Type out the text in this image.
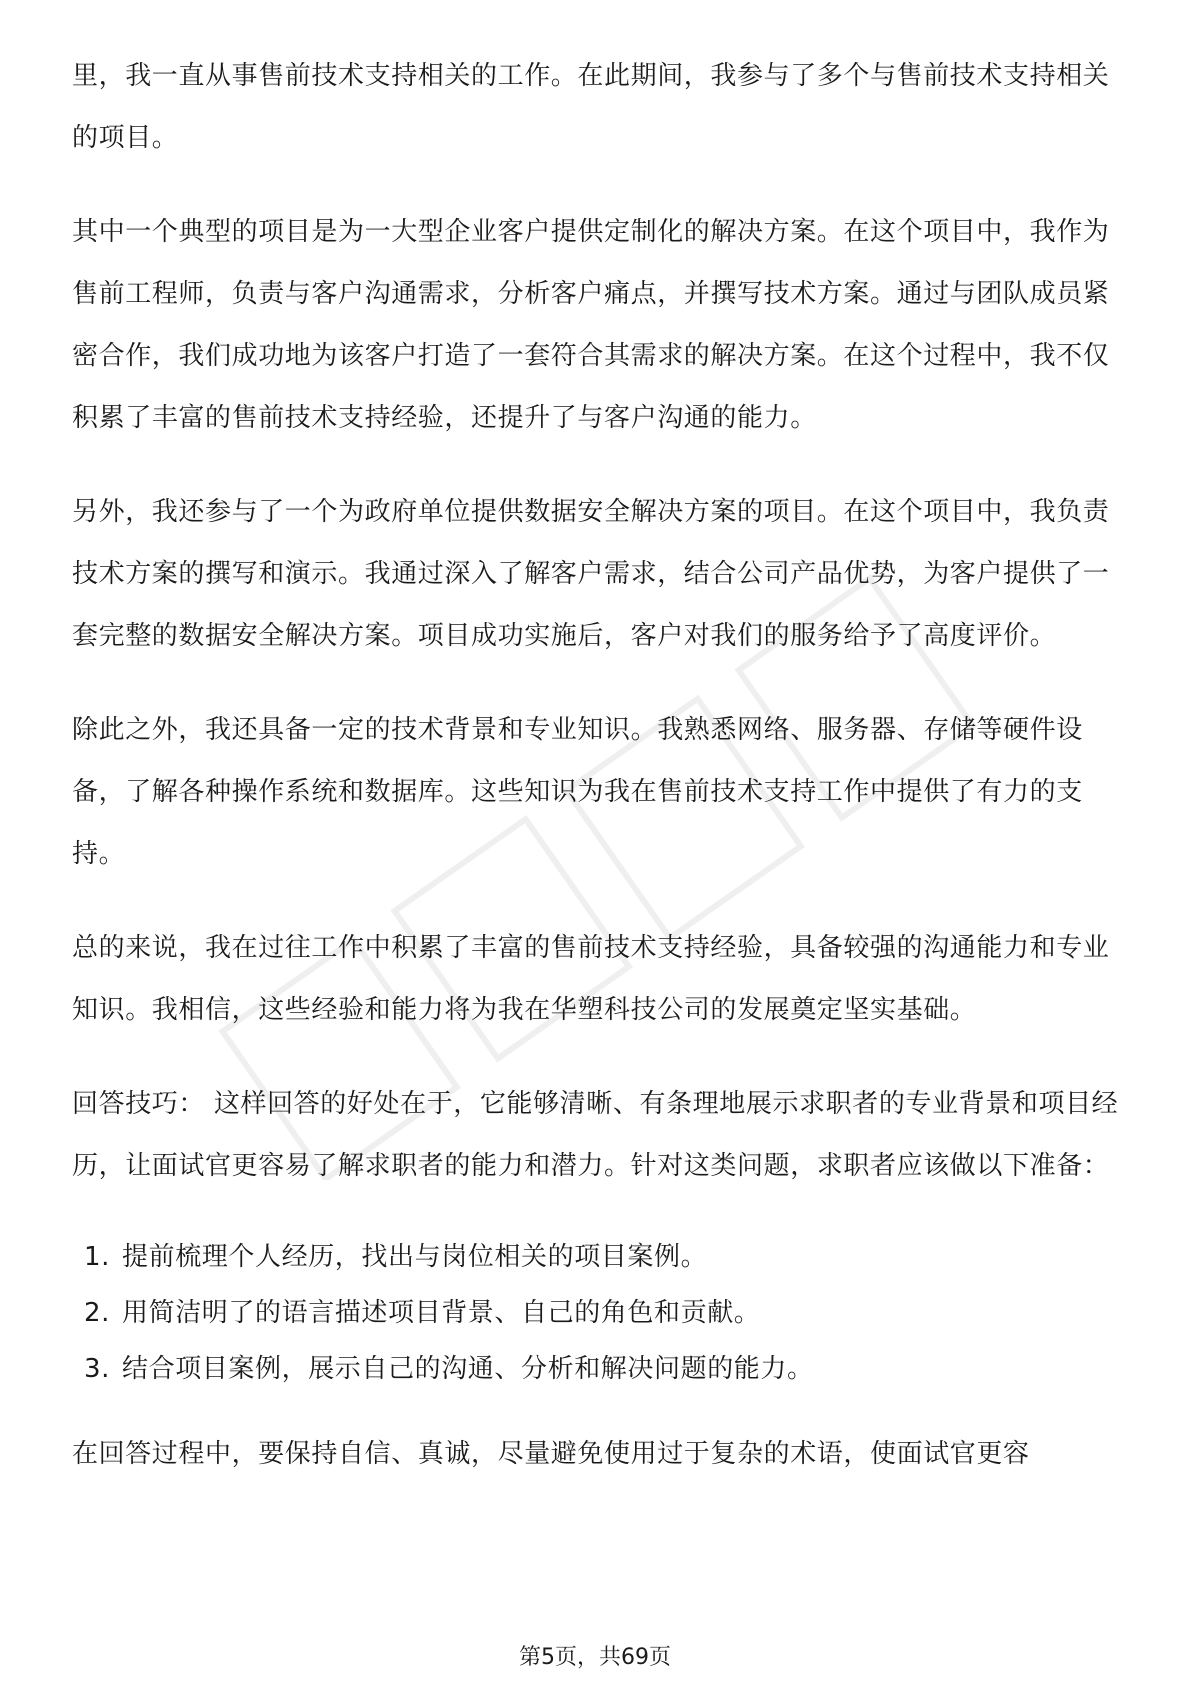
里，我一直从事售前技术支持相关的工作。在此期间，我参与了多个与售前技术支持相关的项目。

其中一个典型的项目是为一大型企业客户提供定制化的解决方案。在这个项目中，我作为售前工程师，负责与客户沟通需求，分析客户痛点，并撰写技术方案。通过与团队成员紧密合作，我们成功地为该客户打造了一套符合其需求的解决方案。在这个过程中，我不仅积累了丰富的售前技术支持经验，还提升了与客户沟通的能力。

另外，我还参与了一个为政府单位提供数据安全解决方案的项目。在这个项目中，我负责技术方案的撰写和演示。我通过深入了解客户需求，结合公司产品优势，为客户提供了一套完整的数据安全解决方案。项目成功实施后，客户对我们的服务给予了高度评价。

除此之外，我还具备一定的技术背景和专业知识。我熟悉网络、服务器、存储等硬件设备，了解各种操作系统和数据库。这些知识为我在售前技术支持工作中提供了有力的支持。

总的来说，我在过往工作中积累了丰富的售前技术支持经验，具备较强的沟通能力和专业知识。我相信，这些经验和能力将为我在华塑科技公司的发展奠定坚实基础。

回答技巧： 这样回答的好处在于，它能够清晰、有条理地展示求职者的专业背景和项目经历，让面试官更容易了解求职者的能力和潜力。针对这类问题，求职者应该做以下准备：

1. 提前梳理个人经历，找出与岗位相关的项目案例。
2. 用简洁明了的语言描述项目背景、自己的角色和贡献。
3. 结合项目案例，展示自己的沟通、分析和解决问题的能力。

在回答过程中，要保持自信、真诚，尽量避免使用过于复杂的术语，使面试官更容

第5页，共69页
